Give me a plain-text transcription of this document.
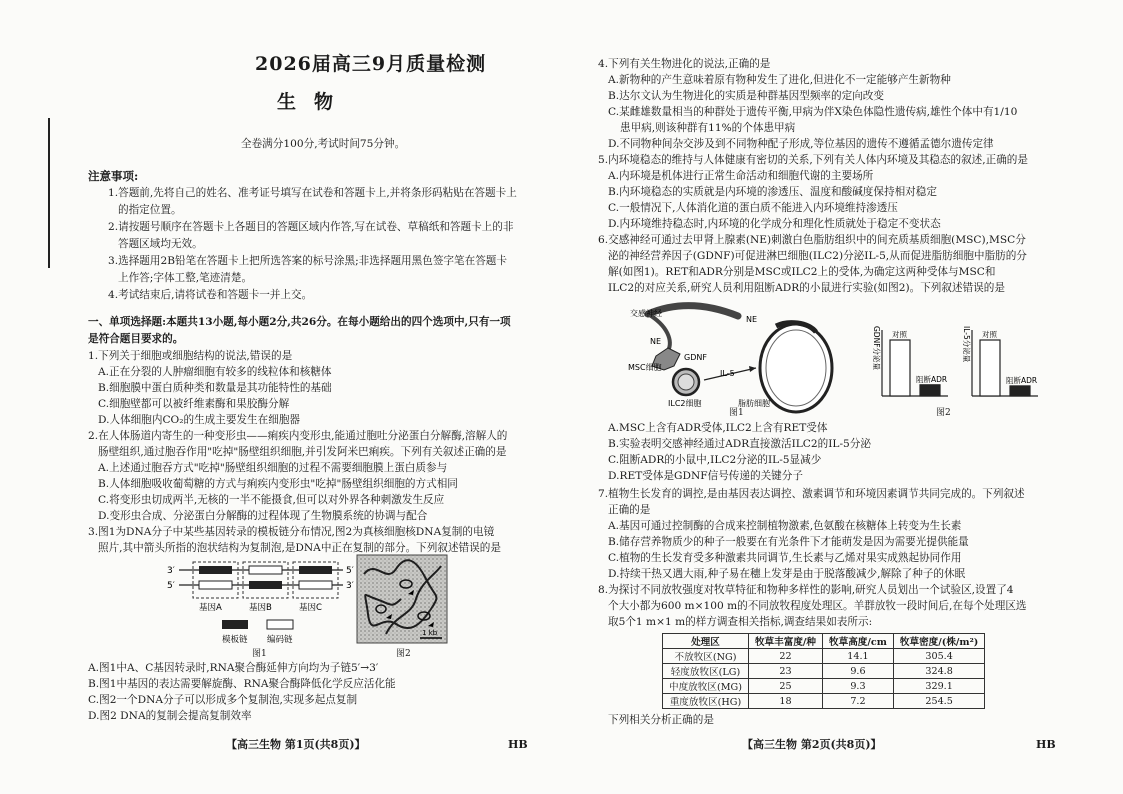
2026届高三9月质量检测
生物
全卷满分100分,考试时间75分钟。
注意事项:
1.答题前,先将自己的姓名、准考证号填写在试卷和答题卡上,并将条形码粘贴在答题卡上
的指定位置。
2.请按题号顺序在答题卡上各题目的答题区域内作答,写在试卷、草稿纸和答题卡上的非
答题区域均无效。
3.选择题用2B铅笔在答题卡上把所选答案的标号涂黑;非选择题用黑色签字笔在答题卡
上作答;字体工整,笔迹清楚。
4.考试结束后,请将试卷和答题卡一并上交。
一、单项选择题:本题共13小题,每小题2分,共26分。在每小题给出的四个选项中,只有一项
是符合题目要求的。
1.下列关于细胞或细胞结构的说法,错误的是
A.正在分裂的人肿瘤细胞有较多的线粒体和核糖体
B.细胞膜中蛋白质种类和数量是其功能特性的基础
C.细胞壁都可以被纤维素酶和果胶酶分解
D.人体细胞内CO₂的生成主要发生在细胞器
2.在人体肠道内寄生的一种变形虫——痢疾内变形虫,能通过胞吐分泌蛋白分解酶,溶解人的
肠壁组织,通过胞吞作用"吃掉"肠壁组织细胞,并引发阿米巴痢疾。下列有关叙述正确的是
A.上述通过胞吞方式"吃掉"肠壁组织细胞的过程不需要细胞膜上蛋白质参与
B.人体细胞吸收葡萄糖的方式与痢疾内变形虫"吃掉"肠壁组织细胞的方式相同
C.将变形虫切成两半,无核的一半不能摄食,但可以对外界各种刺激发生反应
D.变形虫合成、分泌蛋白分解酶的过程体现了生物膜系统的协调与配合
3.图1为DNA分子中某些基因转录的模板链分布情况,图2为真核细胞核DNA复制的电镜
照片,其中箭头所指的泡状结构为复制泡,是DNA中正在复制的部分。下列叙述错误的是
3′
5′
5′
3′
基因A	基因B	基因C
模板链 编码链
图1
1 kb
图2
A.图1中A、C基因转录时,RNA聚合酶延伸方向均为子链5′→3′
B.图1中基因的表达需要解旋酶、RNA聚合酶降低化学反应活化能
C.图2一个DNA分子可以形成多个复制泡,实现多起点复制
D.图2 DNA的复制会提高复制效率
【高三生物 第1页(共8页)】	HB
4.下列有关生物进化的说法,正确的是
A.新物种的产生意味着原有物种发生了进化,但进化不一定能够产生新物种
B.达尔文认为生物进化的实质是种群基因型频率的定向改变
C.某雌雄数量相当的种群处于遗传平衡,甲病为伴X染色体隐性遗传病,雄性个体中有1/10
患甲病,则该种群有11%的个体患甲病
D.不同物种间杂交涉及到不同物种配子形成,等位基因的遗传不遵循孟德尔遗传定律
5.内环境稳态的维持与人体健康有密切的关系,下列有关人体内环境及其稳态的叙述,正确的是
A.内环境是机体进行正常生命活动和细胞代谢的主要场所
B.内环境稳态的实质就是内环境的渗透压、温度和酸碱度保持相对稳定
C.一般情况下,人体消化道的蛋白质不能进入内环境维持渗透压
D.内环境维持稳态时,内环境的化学成分和理化性质就处于稳定不变状态
6.交感神经可通过去甲肾上腺素(NE)刺激白色脂肪组织中的间充质基质细胞(MSC),MSC分
泌的神经营养因子(GDNF)可促进淋巴细胞(ILC2)分泌IL-5,从而促进脂肪细胞中脂肪的分
解(如图1)。RET和ADR分别是MSC或ILC2上的受体,为确定这两种受体与MSC和
ILC2的对应关系,研究人员利用阻断ADR的小鼠进行实验(如图2)。下列叙述错误的是
交感神经
NE
NE
MSC细胞
GDNF
IL-5
ILC2细胞	脂肪细胞
图1
GDNF分泌量 对照
阻断ADR
IL-5分泌量 对照
阻断ADR
图2
A.MSC上含有ADR受体,ILC2上含有RET受体
B.实验表明交感神经通过ADR直接激活ILC2的IL-5分泌
C.阻断ADR的小鼠中,ILC2分泌的IL-5显减少
D.RET受体是GDNF信号传递的关键分子
7.植物生长发育的调控,是由基因表达调控、激素调节和环境因素调节共同完成的。下列叙述
正确的是
A.基因可通过控制酶的合成来控制植物激素,色氨酸在核糖体上转变为生长素
B.储存营养物质少的种子一般要在有光条件下才能萌发是因为需要光提供能量
C.植物的生长发育受多种激素共同调节,生长素与乙烯对果实成熟起协同作用
D.持续干热又遇大雨,种子易在穗上发芽是由于脱落酸减少,解除了种子的休眠
8.为探讨不同放牧强度对牧草特征和物种多样性的影响,研究人员划出一个试验区,设置了4
个大小都为600 m×100 m的不同放牧程度处理区。羊群放牧一段时间后,在每个处理区选
取5个1 m×1 m的样方调查相关指标,调查结果如表所示:
下列相关分析正确的是
【高三生物 第2页(共8页)】	HB
处理区	牧草丰富度/种	牧草高度/cm	牧草密度/(株/m²)
不放牧区(NG)	22	14.1	305.4
轻度放牧区(LG)	23	9.6	324.8
中度放牧区(MG)	25	9.3	329.1
重度放牧区(HG)	18	7.2	254.5
